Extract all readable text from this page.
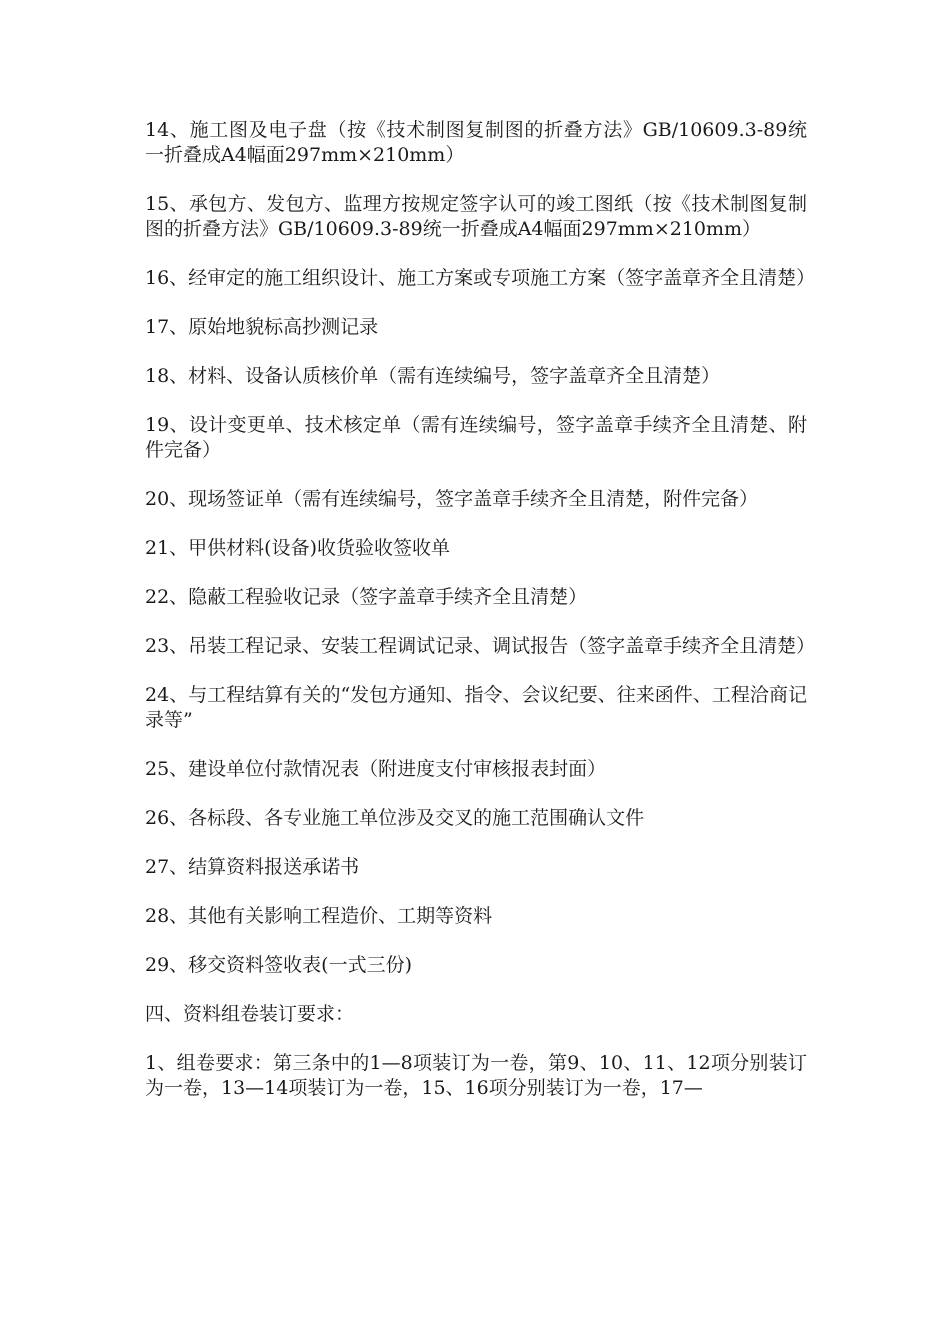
14、施工图及电子盘（按《技术制图复制图的折叠方法》GB/10609.3-89统一折叠成A4幅面297mm×210mm）

15、承包方、发包方、监理方按规定签字认可的竣工图纸（按《技术制图复制图的折叠方法》GB/10609.3-89统一折叠成A4幅面297mm×210mm）

16、经审定的施工组织设计、施工方案或专项施工方案（签字盖章齐全且清楚）

17、原始地貌标高抄测记录

18、材料、设备认质核价单（需有连续编号，签字盖章齐全且清楚）

19、设计变更单、技术核定单（需有连续编号，签字盖章手续齐全且清楚、附件完备）

20、现场签证单（需有连续编号，签字盖章手续齐全且清楚，附件完备）

21、甲供材料(设备)收货验收签收单

22、隐蔽工程验收记录（签字盖章手续齐全且清楚）

23、吊装工程记录、安装工程调试记录、调试报告（签字盖章手续齐全且清楚）

24、与工程结算有关的“发包方通知、指令、会议纪要、往来函件、工程洽商记录等”

25、建设单位付款情况表（附进度支付审核报表封面）

26、各标段、各专业施工单位涉及交叉的施工范围确认文件

27、结算资料报送承诺书

28、其他有关影响工程造价、工期等资料

29、移交资料签收表(一式三份)

四、资料组卷装订要求：

1、组卷要求：第三条中的1—8项装订为一卷，第9、10、11、12项分别装订为一卷，13—14项装订为一卷，15、16项分别装订为一卷，17—
